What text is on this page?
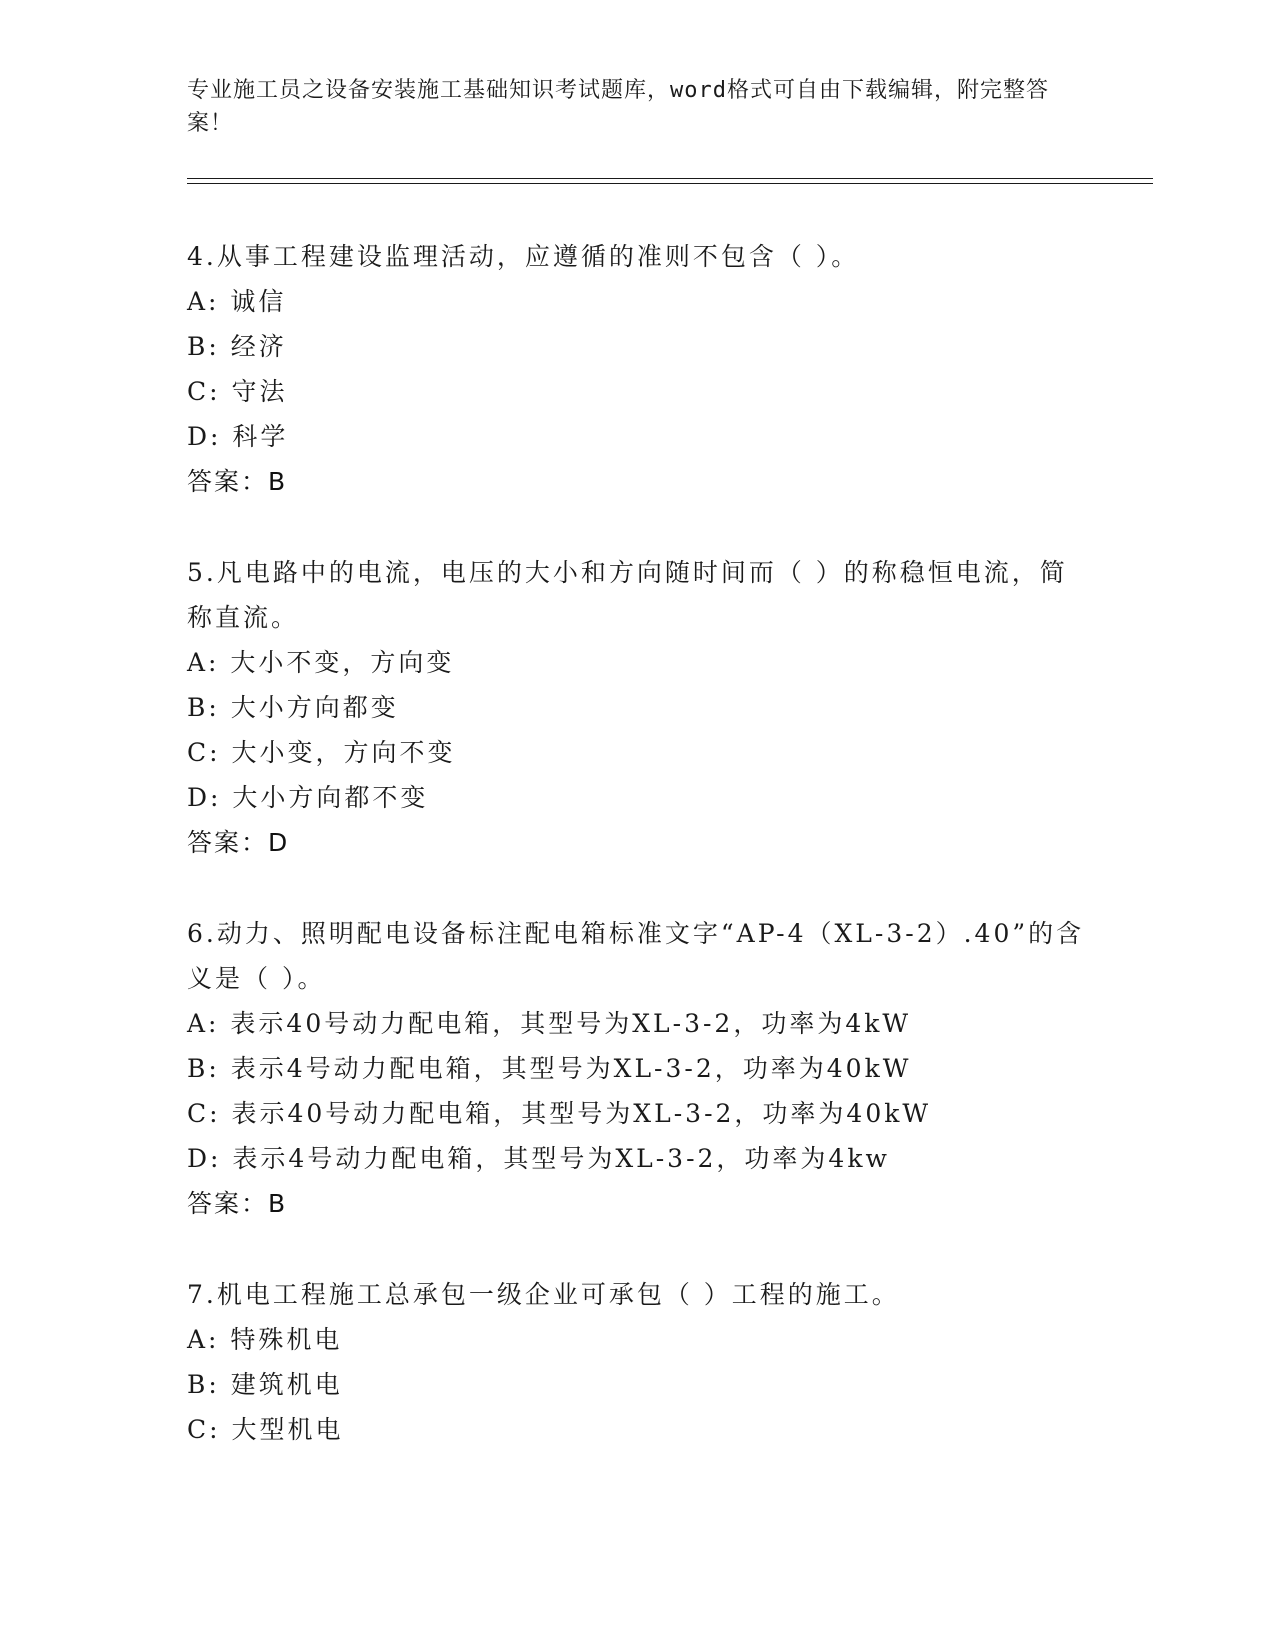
专业施工员之设备安装施工基础知识考试题库，word格式可自由下载编辑，附完整答案！
4.从事工程建设监理活动，应遵循的准则不包含（ ）。
A: 诚信
B: 经济
C: 守法
D: 科学
答案：B
5.凡电路中的电流，电压的大小和方向随时间而（ ）的称稳恒电流，简称直流。
A: 大小不变，方向变
B: 大小方向都变
C: 大小变，方向不变
D: 大小方向都不变
答案：D
6.动力、照明配电设备标注配电箱标准文字“AP-4（XL-3-2）.40”的含义是（ ）。
A: 表示40号动力配电箱，其型号为XL-3-2，功率为4kW
B: 表示4号动力配电箱，其型号为XL-3-2，功率为40kW
C: 表示40号动力配电箱，其型号为XL-3-2，功率为40kW
D: 表示4号动力配电箱，其型号为XL-3-2，功率为4kw
答案：B
7.机电工程施工总承包一级企业可承包（ ）工程的施工。
A: 特殊机电
B: 建筑机电
C: 大型机电
